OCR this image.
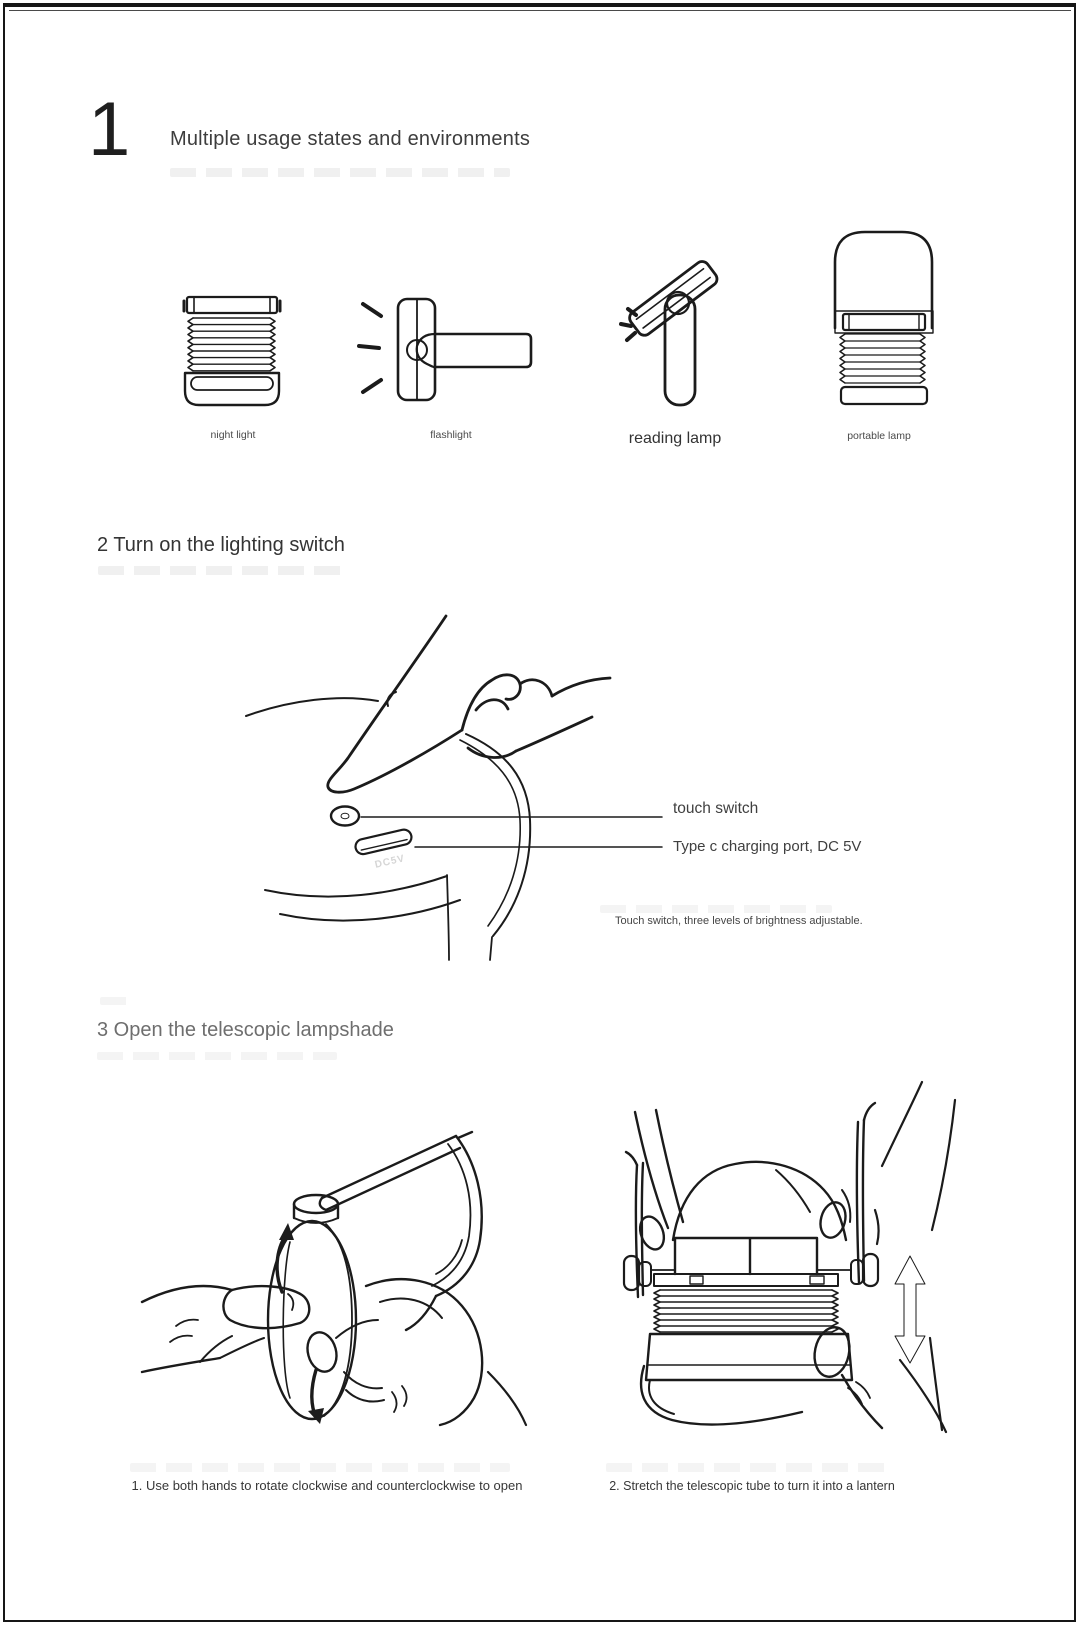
1 Multiple usage states and environments
night light	flashlight	reading lamp	portable lamp
2 Turn on the lighting switch
DC5V
touch switch
Type c charging port, DC 5V
Touch switch, three levels of brightness adjustable.
3 Open the telescopic lampshade
1. Use both hands to rotate clockwise and counterclockwise to open	2. Stretch the telescopic tube to turn it into a lantern
